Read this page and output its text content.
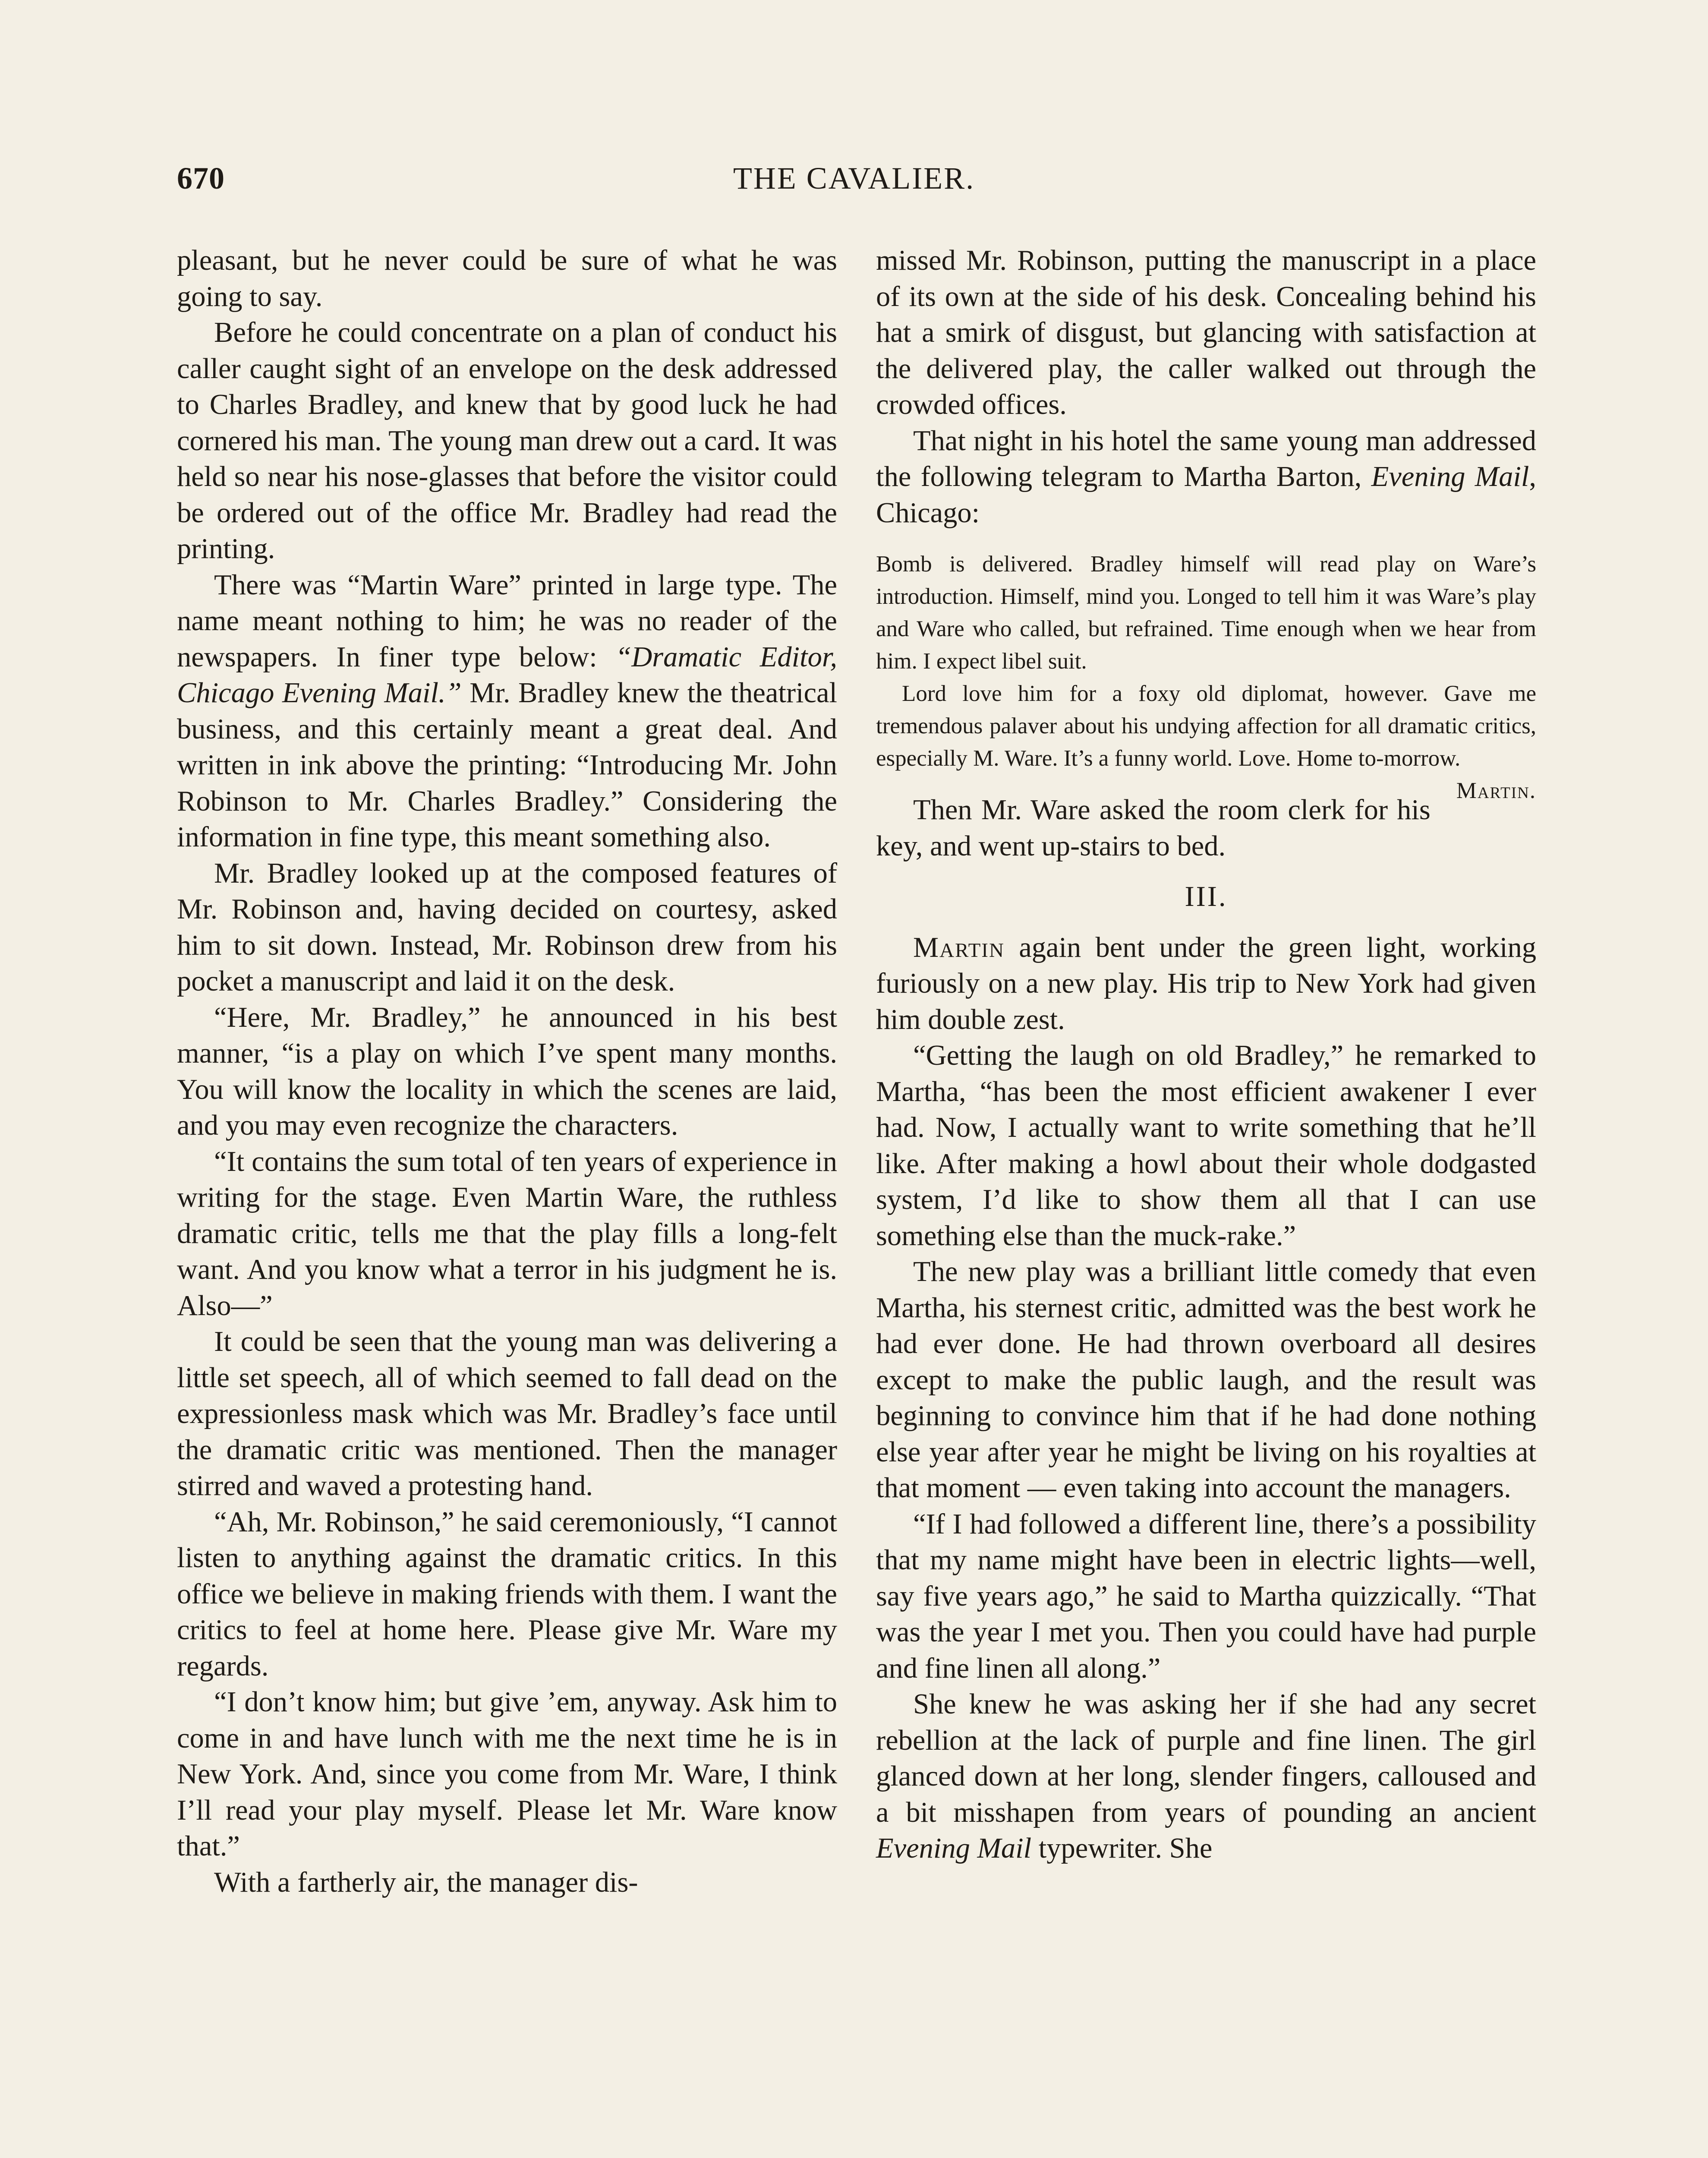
670	THE CAVALIER.

pleasant, but he never could be sure of what he was going to say.

Before he could concentrate on a plan of conduct his caller caught sight of an envelope on the desk addressed to Charles Bradley, and knew that by good luck he had cornered his man. The young man drew out a card. It was held so near his nose-glasses that before the visitor could be ordered out of the office Mr. Bradley had read the printing.

There was “Martin Ware” printed in large type. The name meant nothing to him; he was no reader of the newspapers. In finer type below: “Dramatic Editor, Chicago Evening Mail.” Mr. Bradley knew the theatrical business, and this certainly meant a great deal. And written in ink above the printing: “Introducing Mr. John Robinson to Mr. Charles Bradley.” Considering the information in fine type, this meant something also.

Mr. Bradley looked up at the composed features of Mr. Robinson and, having decided on courtesy, asked him to sit down. Instead, Mr. Robinson drew from his pocket a manuscript and laid it on the desk.

“Here, Mr. Bradley,” he announced in his best manner, “is a play on which I’ve spent many months. You will know the locality in which the scenes are laid, and you may even recognize the characters.

“It contains the sum total of ten years of experience in writing for the stage. Even Martin Ware, the ruthless dramatic critic, tells me that the play fills a long-felt want. And you know what a terror in his judgment he is. Also—”

It could be seen that the young man was delivering a little set speech, all of which seemed to fall dead on the expressionless mask which was Mr. Bradley’s face until the dramatic critic was mentioned. Then the manager stirred and waved a protesting hand.

“Ah, Mr. Robinson,” he said ceremoniously, “I cannot listen to anything against the dramatic critics. In this office we believe in making friends with them. I want the critics to feel at home here. Please give Mr. Ware my regards.

“I don’t know him; but give ’em, anyway. Ask him to come in and have lunch with me the next time he is in New York. And, since you come from Mr. Ware, I think I’ll read your play myself. Please let Mr. Ware know that.”

With a fartherly air, the manager dis-

missed Mr. Robinson, putting the manuscript in a place of its own at the side of his desk. Concealing behind his hat a smirk of disgust, but glancing with satisfaction at the delivered play, the caller walked out through the crowded offices.

That night in his hotel the same young man addressed the following telegram to Martha Barton, Evening Mail, Chicago:

Bomb is delivered. Bradley himself will read play on Ware’s introduction. Himself, mind you. Longed to tell him it was Ware’s play and Ware who called, but refrained. Time enough when we hear from him. I expect libel suit.

Lord love him for a foxy old diplomat, however. Gave me tremendous palaver about his undying affection for all dramatic critics, especially M. Ware. It’s a funny world. Love. Home to-morrow.
Martin.

Then Mr. Ware asked the room clerk for his key, and went up-stairs to bed.

III.

Martin again bent under the green light, working furiously on a new play. His trip to New York had given him double zest.

“Getting the laugh on old Bradley,” he remarked to Martha, “has been the most efficient awakener I ever had. Now, I actually want to write something that he’ll like. After making a howl about their whole dodgasted system, I’d like to show them all that I can use something else than the muck-rake.”

The new play was a brilliant little comedy that even Martha, his sternest critic, admitted was the best work he had ever done. He had thrown overboard all desires except to make the public laugh, and the result was beginning to convince him that if he had done nothing else year after year he might be living on his royalties at that moment — even taking into account the managers.

“If I had followed a different line, there’s a possibility that my name might have been in electric lights—well, say five years ago,” he said to Martha quizzically. “That was the year I met you. Then you could have had purple and fine linen all along.”

She knew he was asking her if she had any secret rebellion at the lack of purple and fine linen. The girl glanced down at her long, slender fingers, calloused and a bit misshapen from years of pounding an ancient Evening Mail typewriter. She
